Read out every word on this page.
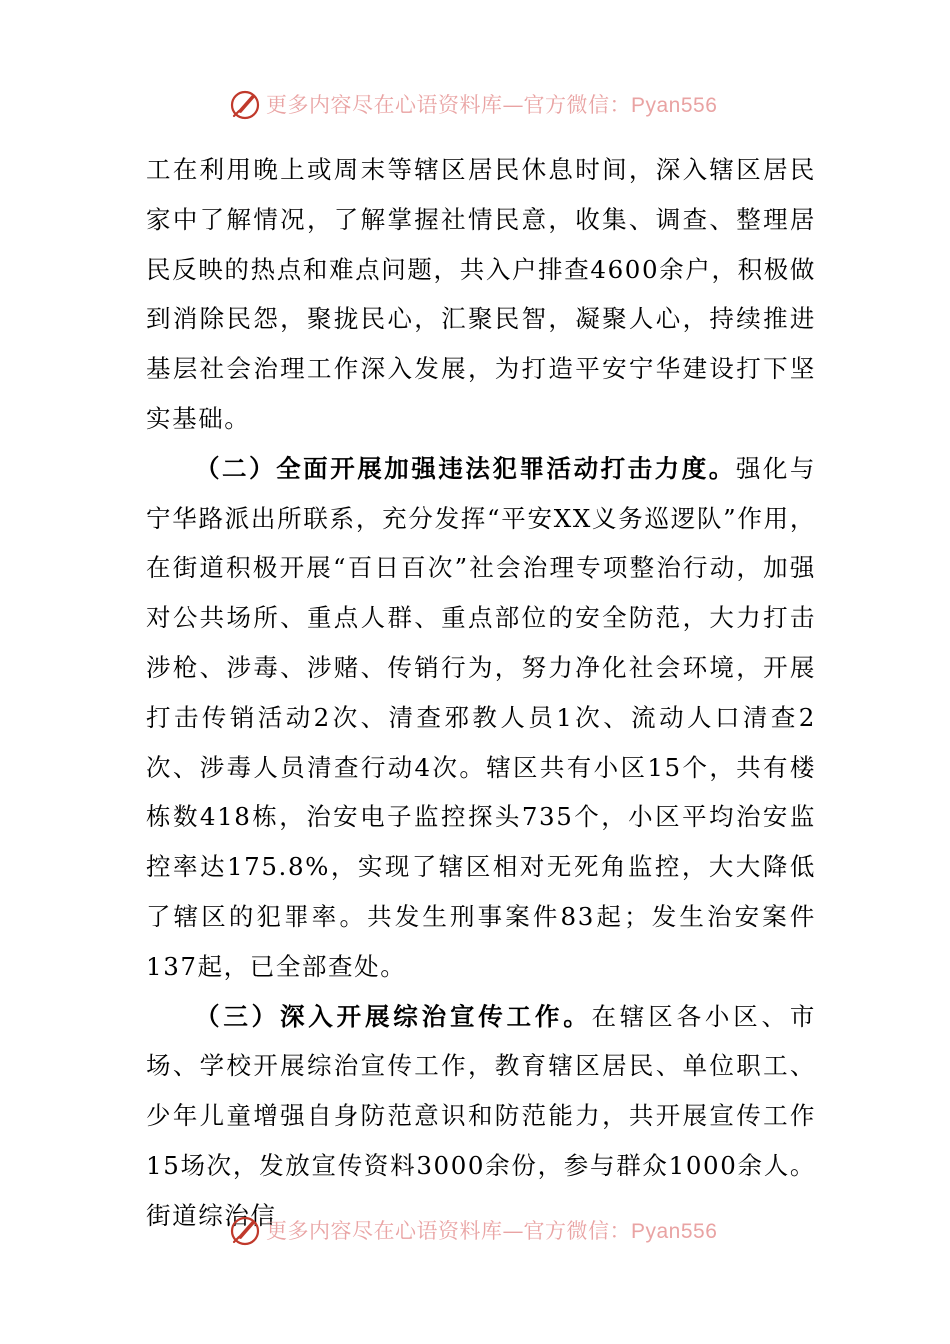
更多内容尽在心语资料库—官方微信：Pyan556

工在利用晚上或周末等辖区居民休息时间，深入辖区居民家中了解情况，了解掌握社情民意，收集、调查、整理居民反映的热点和难点问题，共入户排查4600余户，积极做到消除民怨，聚拢民心，汇聚民智，凝聚人心，持续推进基层社会治理工作深入发展，为打造平安宁华建设打下坚实基础。

（二）全面开展加强违法犯罪活动打击力度。强化与宁华路派出所联系，充分发挥“平安XX义务巡逻队”作用，在街道积极开展“百日百次”社会治理专项整治行动，加强对公共场所、重点人群、重点部位的安全防范，大力打击涉枪、涉毒、涉赌、传销行为，努力净化社会环境，开展打击传销活动2次、清查邪教人员1次、流动人口清查2次、涉毒人员清查行动4次。辖区共有小区15个，共有楼栋数418栋，治安电子监控探头735个，小区平均治安监控率达175.8%，实现了辖区相对无死角监控，大大降低了辖区的犯罪率。共发生刑事案件83起；发生治安案件137起，已全部查处。

（三）深入开展综治宣传工作。在辖区各小区、市场、学校开展综治宣传工作，教育辖区居民、单位职工、少年儿童增强自身防范意识和防范能力，共开展宣传工作15场次，发放宣传资料3000余份，参与群众1000余人。街道综治信

更多内容尽在心语资料库—官方微信：Pyan556
